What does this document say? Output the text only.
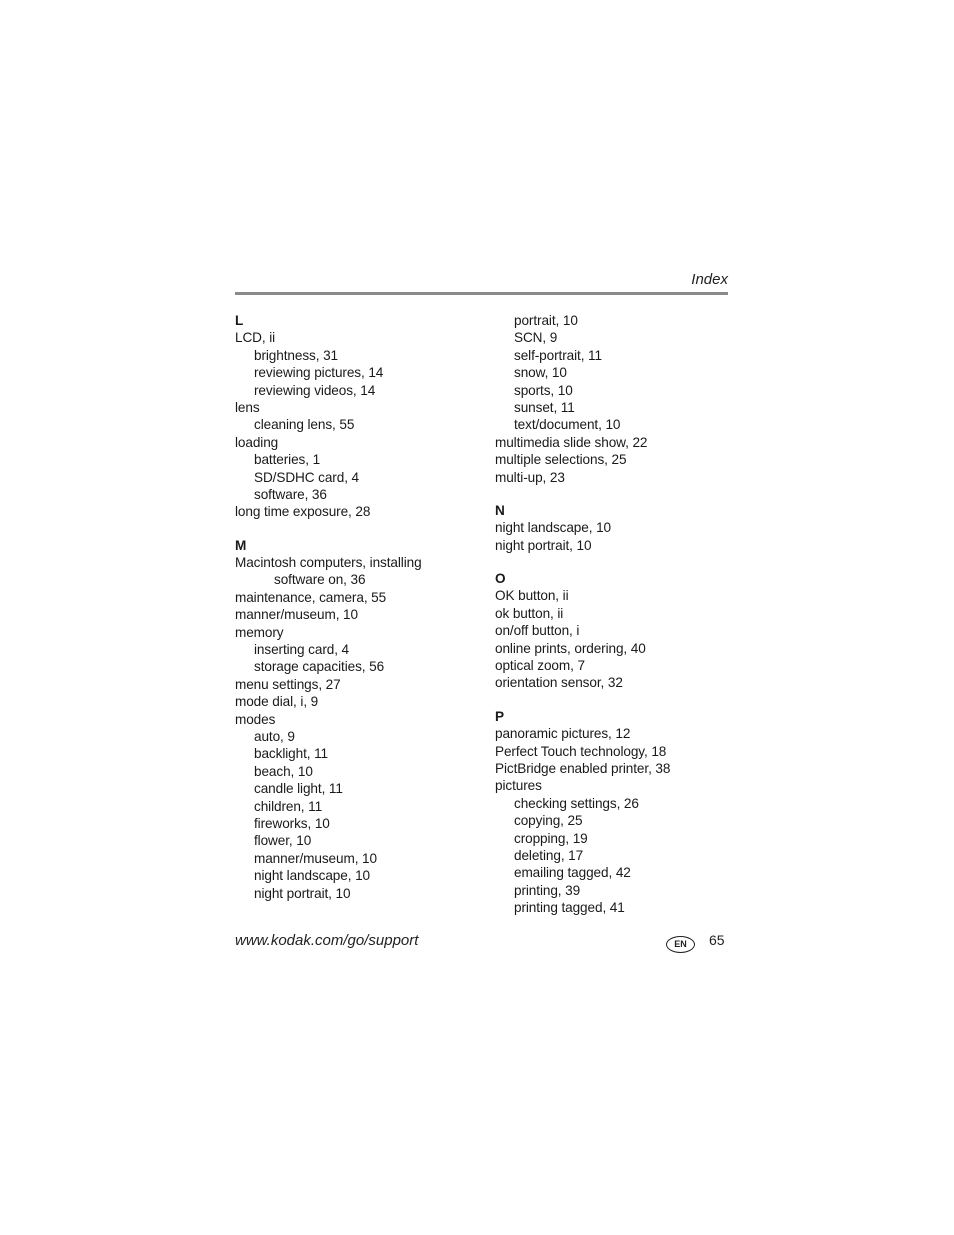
Index
L
LCD, ii
brightness, 31
reviewing pictures, 14
reviewing videos, 14
lens
cleaning lens, 55
loading
batteries, 1
SD/SDHC card, 4
software, 36
long time exposure, 28
M
Macintosh computers, installing
software on, 36
maintenance, camera, 55
manner/museum, 10
memory
inserting card, 4
storage capacities, 56
menu settings, 27
mode dial, i, 9
modes
auto, 9
backlight, 11
beach, 10
candle light, 11
children, 11
fireworks, 10
flower, 10
manner/museum, 10
night landscape, 10
night portrait, 10
portrait, 10
SCN, 9
self-portrait, 11
snow, 10
sports, 10
sunset, 11
text/document, 10
multimedia slide show, 22
multiple selections, 25
multi-up, 23
N
night landscape, 10
night portrait, 10
O
OK button, ii
ok button, ii
on/off button, i
online prints, ordering, 40
optical zoom, 7
orientation sensor, 32
P
panoramic pictures, 12
Perfect Touch technology, 18
PictBridge enabled printer, 38
pictures
checking settings, 26
copying, 25
cropping, 19
deleting, 17
emailing tagged, 42
printing, 39
printing tagged, 41
www.kodak.com/go/support	EN	65
